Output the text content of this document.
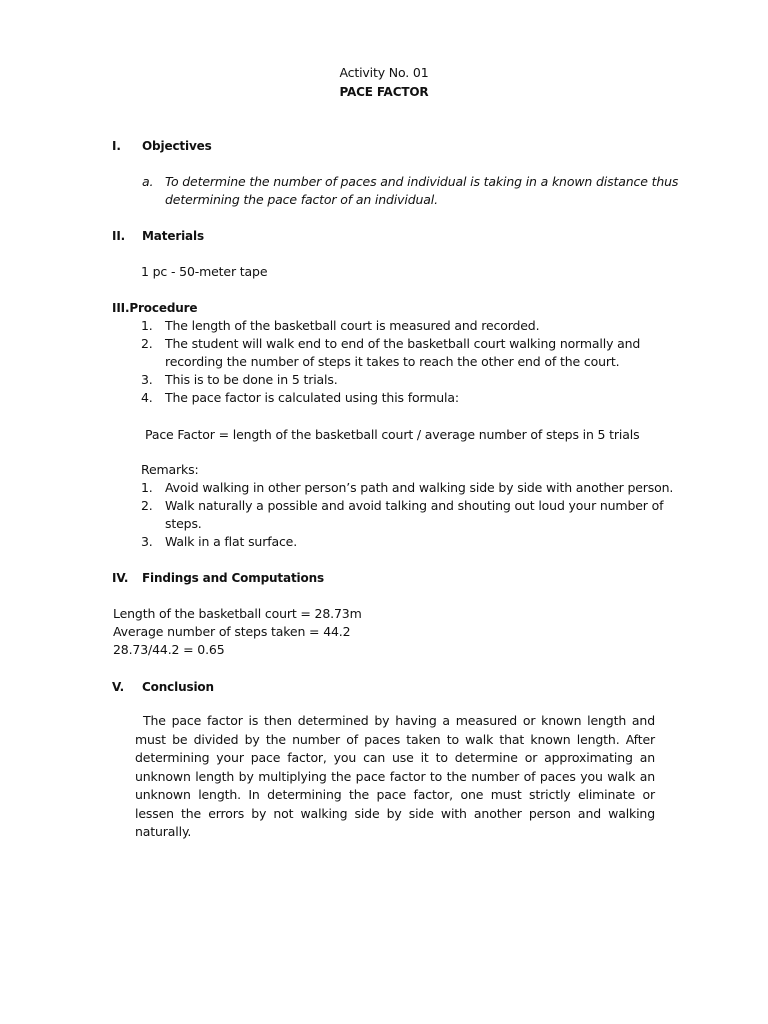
Activity No. 01
PACE FACTOR
I. Objectives
a. To determine the number of paces and individual is taking in a known distance thus
determining the pace factor of an individual.
II. Materials
1 pc - 50-meter tape
III.Procedure
1. The length of the basketball court is measured and recorded.
2. The student will walk end to end of the basketball court walking normally and
recording the number of steps it takes to reach the other end of the court.
3. This is to be done in 5 trials.
4. The pace factor is calculated using this formula:
Pace Factor = length of the basketball court / average number of steps in 5 trials
Remarks:
1. Avoid walking in other person’s path and walking side by side with another person.
2. Walk naturally a possible and avoid talking and shouting out loud your number of
steps.
3. Walk in a flat surface.
IV. Findings and Computations
Length of the basketball court = 28.73m
Average number of steps taken = 44.2
28.73/44.2 = 0.65
V. Conclusion
The pace factor is then determined by having a measured or known length and must be divided by the number of paces taken to walk that known length. After determining your pace factor, you can use it to determine or approximating an unknown length by multiplying the pace factor to the number of paces you walk an unknown length. In determining the pace factor, one must strictly eliminate or lessen the errors by not walking side by side with another person and walking naturally.
